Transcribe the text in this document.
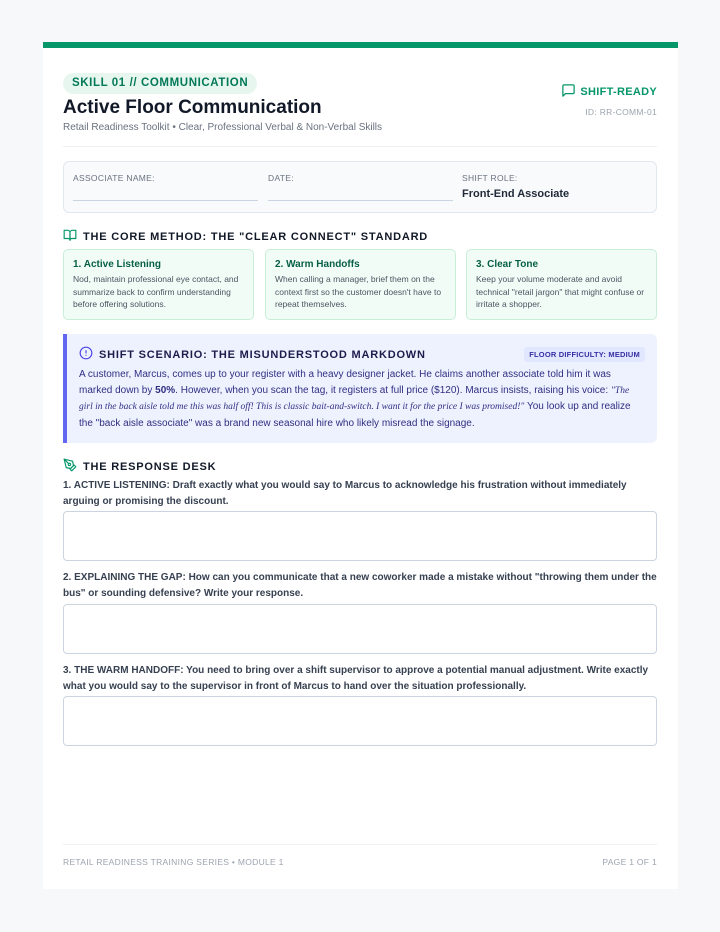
SKILL 01 // COMMUNICATION
Active Floor Communication
Retail Readiness Toolkit • Clear, Professional Verbal & Non-Verbal Skills
SHIFT-READY
ID: RR-COMM-01
ASSOCIATE NAME:	DATE:	SHIFT ROLE:
Front-End Associate
THE CORE METHOD: THE "CLEAR CONNECT" STANDARD
1. Active Listening
Nod, maintain professional eye contact, and summarize back to confirm understanding before offering solutions.
2. Warm Handoffs
When calling a manager, brief them on the context first so the customer doesn't have to repeat themselves.
3. Clear Tone
Keep your volume moderate and avoid technical "retail jargon" that might confuse or irritate a shopper.
SHIFT SCENARIO: THE MISUNDERSTOOD MARKDOWN	FLOOR DIFFICULTY: MEDIUM
A customer, Marcus, comes up to your register with a heavy designer jacket. He claims another associate told him it was marked down by 50%. However, when you scan the tag, it registers at full price ($120). Marcus insists, raising his voice: "The girl in the back aisle told me this was half off! This is classic bait-and-switch. I want it for the price I was promised!" You look up and realize the "back aisle associate" was a brand new seasonal hire who likely misread the signage.
THE RESPONSE DESK
1. ACTIVE LISTENING: Draft exactly what you would say to Marcus to acknowledge his frustration without immediately arguing or promising the discount.
2. EXPLAINING THE GAP: How can you communicate that a new coworker made a mistake without "throwing them under the bus" or sounding defensive? Write your response.
3. THE WARM HANDOFF: You need to bring over a shift supervisor to approve a potential manual adjustment. Write exactly what you would say to the supervisor in front of Marcus to hand over the situation professionally.
RETAIL READINESS TRAINING SERIES • MODULE 1	PAGE 1 OF 1
